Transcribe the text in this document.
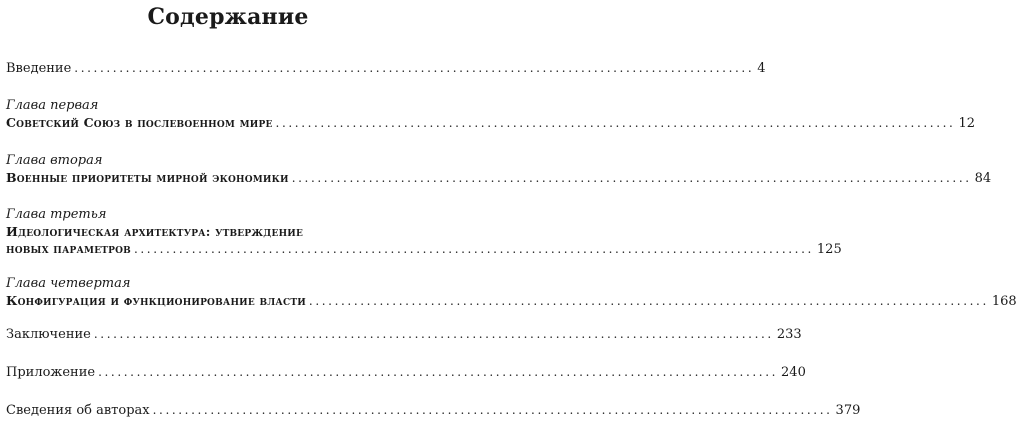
Содержание
Введение .......................................................................................................... 4

Глава первая

Советский Союз в послевоенном мире .......................................................................................................... 12

Глава вторая

Военные приоритеты мирной экономики .......................................................................................................... 84

Глава третья

Идеологическая архитектура: утверждение

новых параметров .......................................................................................................... 125

Глава четвертая

Конфигурация и функционирование власти .......................................................................................................... 168
Заключение .......................................................................................................... 233
Приложение .......................................................................................................... 240
Сведения об авторах .......................................................................................................... 379
